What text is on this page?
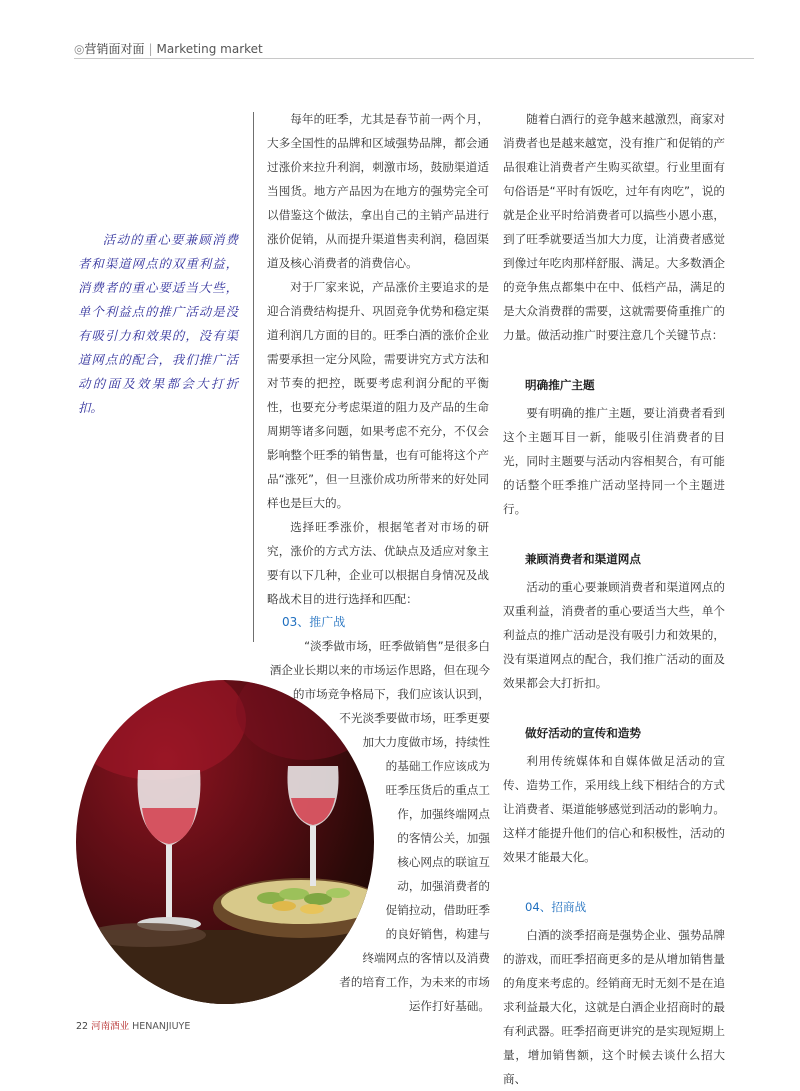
◎营销面对面 | Marketing market

活动的重心要兼顾消费者和渠道网点的双重利益，消费者的重心要适当大些，单个利益点的推广活动是没有吸引力和效果的，没有渠道网点的配合，我们推广活动的面及效果都会大打折扣。

每年的旺季，尤其是春节前一两个月，大多全国性的品牌和区域强势品牌，都会通过涨价来拉升利润，刺激市场，鼓励渠道适当囤货。地方产品因为在地方的强势完全可以借鉴这个做法，拿出自己的主销产品进行涨价促销，从而提升渠道售卖利润，稳固渠道及核心消费者的消费信心。

对于厂家来说，产品涨价主要追求的是迎合消费结构提升、巩固竞争优势和稳定渠道利润几方面的目的。旺季白酒的涨价企业需要承担一定分风险，需要讲究方式方法和对节奏的把控，既要考虑利润分配的平衡性，也要充分考虑渠道的阻力及产品的生命周期等诸多问题，如果考虑不充分，不仅会影响整个旺季的销售量，也有可能将这个产品“涨死”，但一旦涨价成功所带来的好处同样也是巨大的。

选择旺季涨价，根据笔者对市场的研究，涨价的方式方法、优缺点及适应对象主要有以下几种，企业可以根据自身情况及战略战术目的进行选择和匹配：

03、推广战
“淡季做市场，旺季做销售”是很多白
酒企业长期以来的市场运作思路，但在现今
的市场竞争格局下，我们应该认识到，
不光淡季要做市场，旺季更要
加大力度做市场，持续性
的基础工作应该成为
旺季压货后的重点工
作，加强终端网点
的客情公关，加强
核心网点的联谊互
动，加强消费者的
促销拉动，借助旺季
的良好销售，构建与
终端网点的客情以及消费
者的培育工作，为未来的市场
运作打好基础。

随着白酒行的竞争越来越激烈，商家对消费者也是越来越宽，没有推广和促销的产品很难让消费者产生购买欲望。行业里面有句俗语是“平时有饭吃，过年有肉吃”，说的就是企业平时给消费者可以搞些小恩小惠，到了旺季就要适当加大力度，让消费者感觉到像过年吃肉那样舒服、满足。大多数酒企的竞争焦点都集中在中、低档产品，满足的是大众消费群的需要，这就需要倚重推广的力量。做活动推广时要注意几个关键节点：

明确推广主题

要有明确的推广主题，要让消费者看到这个主题耳目一新，能吸引住消费者的目光，同时主题要与活动内容相契合，有可能的话整个旺季推广活动坚持同一个主题进行。

兼顾消费者和渠道网点

活动的重心要兼顾消费者和渠道网点的双重利益，消费者的重心要适当大些，单个利益点的推广活动是没有吸引力和效果的，没有渠道网点的配合，我们推广活动的面及效果都会大打折扣。

做好活动的宣传和造势

利用传统媒体和自媒体做足活动的宣传、造势工作，采用线上线下相结合的方式让消费者、渠道能够感觉到活动的影响力。这样才能提升他们的信心和积极性，活动的效果才能最大化。

04、招商战

白酒的淡季招商是强势企业、强势品牌的游戏，而旺季招商更多的是从增加销售量的角度来考虑的。经销商无时无刻不是在追求利益最大化，这就是白酒企业招商时的最有利武器。旺季招商更讲究的是实现短期上量，增加销售额，这个时候去谈什么招大商、

22 河南酒业 HENANJIUYE
